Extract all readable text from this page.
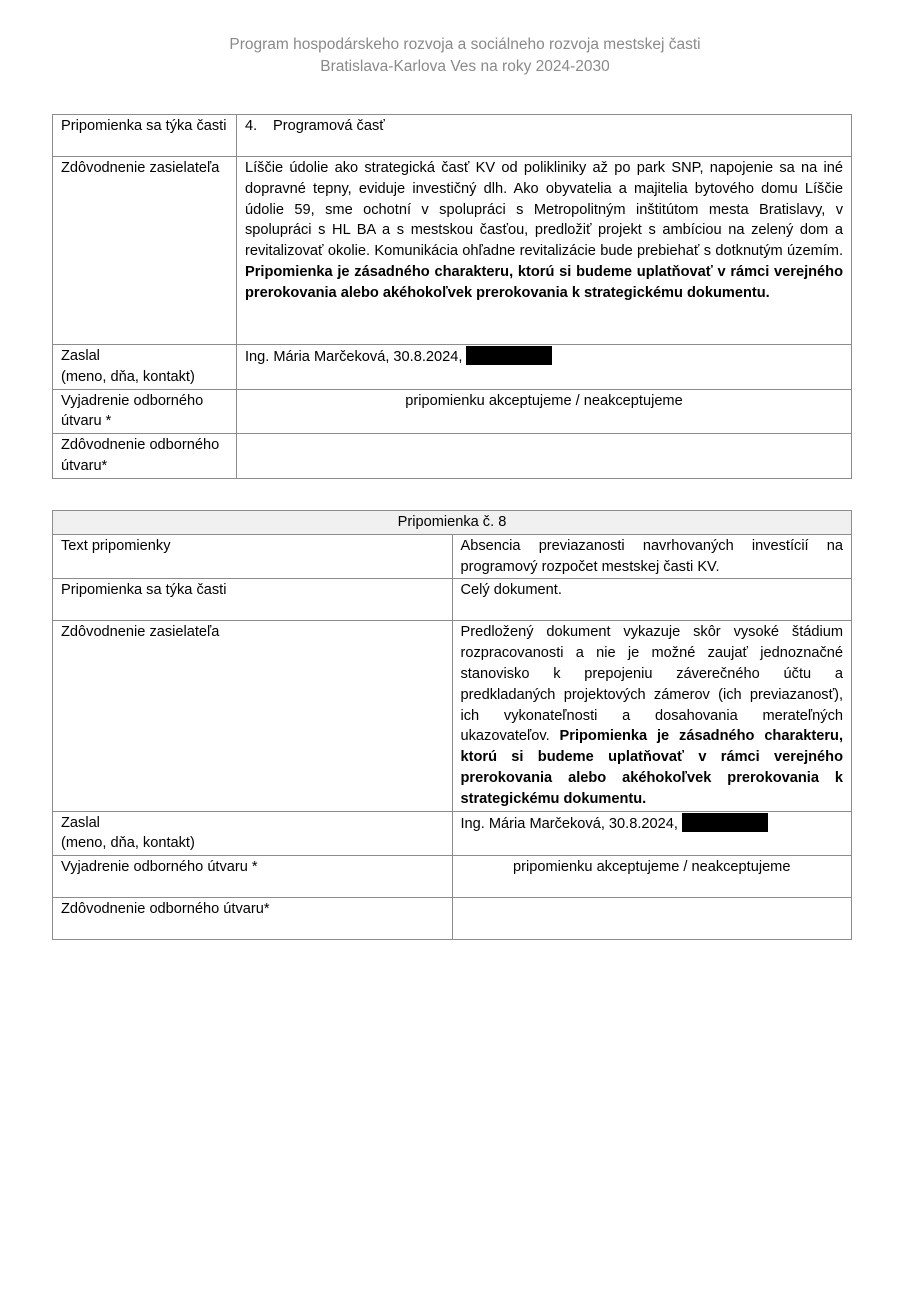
Program hospodárskeho rozvoja a sociálneho rozvoja mestskej časti
Bratislava-Karlova Ves na roky 2024-2030
Pripomienka sa týka časti	4. Programová časť
Zdôvodnenie zasielateľa	Líščie údolie ako strategická časť KV od polikliniky až po park SNP, napojenie sa na iné dopravné tepny, eviduje investičný dlh. Ako obyvatelia a majitelia bytového domu Líščie údolie 59, sme ochotní v spolupráci s Metropolitným inštitútom mesta Bratislavy, v spolupráci s HL BA a s mestskou časťou, predložiť projekt s ambíciou na zelený dom a revitalizovať okolie. Komunikácia ohľadne revitalizácie bude prebiehať s dotknutým územím. Pripomienka je zásadného charakteru, ktorú si budeme uplatňovať v rámci verejného prerokovania alebo akéhokoľvek prerokovania k strategickému dokumentu.

Zaslal
(meno, dňa, kontakt)	Ing. Mária Marčeková, 30.8.2024,
Vyjadrenie odborného útvaru *	pripomienku akceptujeme / neakceptujeme
Zdôvodnenie odborného útvaru*	
Pripomienka č. 8	
Text pripomienky	Absencia previazanosti navrhovaných investícií na programový rozpočet mestskej časti KV.
Pripomienka sa týka časti	Celý dokument.
Zdôvodnenie zasielateľa	Predložený dokument vykazuje skôr vysoké štádium rozpracovanosti a nie je možné zaujať jednoznačné stanovisko k prepojeniu záverečného účtu a predkladaných projektových zámerov (ich previazanosť), ich vykonateľnosti a dosahovania merateľných ukazovateľov. Pripomienka je zásadného charakteru, ktorú si budeme uplatňovať v rámci verejného prerokovania alebo akéhokoľvek prerokovania k strategickému dokumentu.

Zaslal
(meno, dňa, kontakt)	Ing. Mária Marčeková, 30.8.2024,
Vyjadrenie odborného útvaru *	pripomienku akceptujeme / neakceptujeme
Zdôvodnenie odborného útvaru*	
